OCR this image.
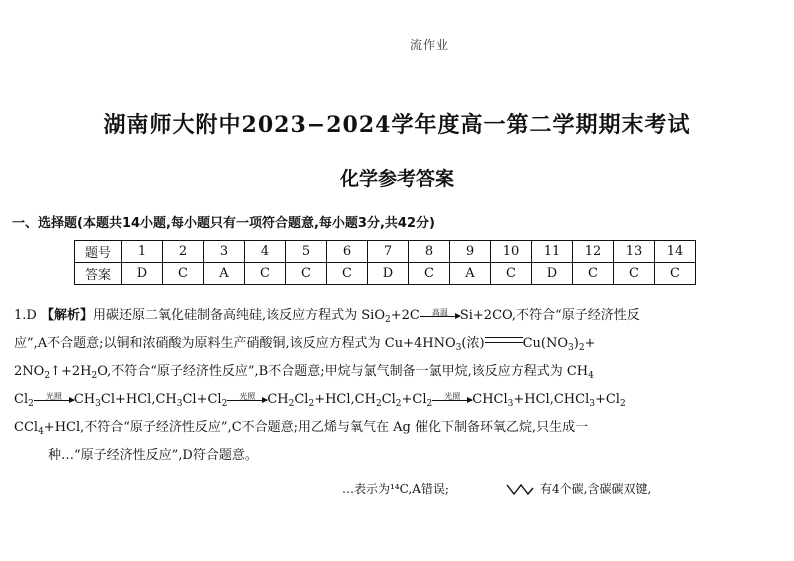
流作业
湖南师大附中2023−2024学年度高一第二学期期末考试
化学参考答案
一、选择题(本题共14小题,每小题只有一项符合题意,每小题3分,共42分)
题号	1	2	3	4	5	6	7	8	9	10	11	12	13	14
答案	D	C	A	C	C	C	D	C	A	C	D	C	C	C
1.D 【解析】用碳还原二氧化硅制备高纯硅,该反应方程式为 SiO$_2$+2C	高温 Si+2CO,不符合“原子经济性反
应”,A不合题意;以铜和浓硝酸为原料生产硝酸铜,该反应方程式为 $Cu+4HNO_3$(浓)	$Cu(NO_3)_2+$
$2NO_2↑+2H_2O$,不符合“原子经济性反应”,B不合题意;甲烷与氯气制备一氯甲烷,该反应方程式为 $CH_4$
$Cl_2$
光照 $CH_3Cl+HCl,CH_3Cl+Cl_2$
光照 $CH_2Cl_2+HCl,CH_2Cl_2+Cl_2$
光照 $CHCl_3+HCl,CHCl_3+Cl_2$
CCl$_4$+HCl,不符合“原子经济性反应”,C不合题意;用乙烯与氧气在 Ag 催化下制备环氧乙烷,只生成一
种…“原子经济性反应”,D符合题意。
…表示为¹⁴C,A错误;	有4个碳,含碳碳双键,
